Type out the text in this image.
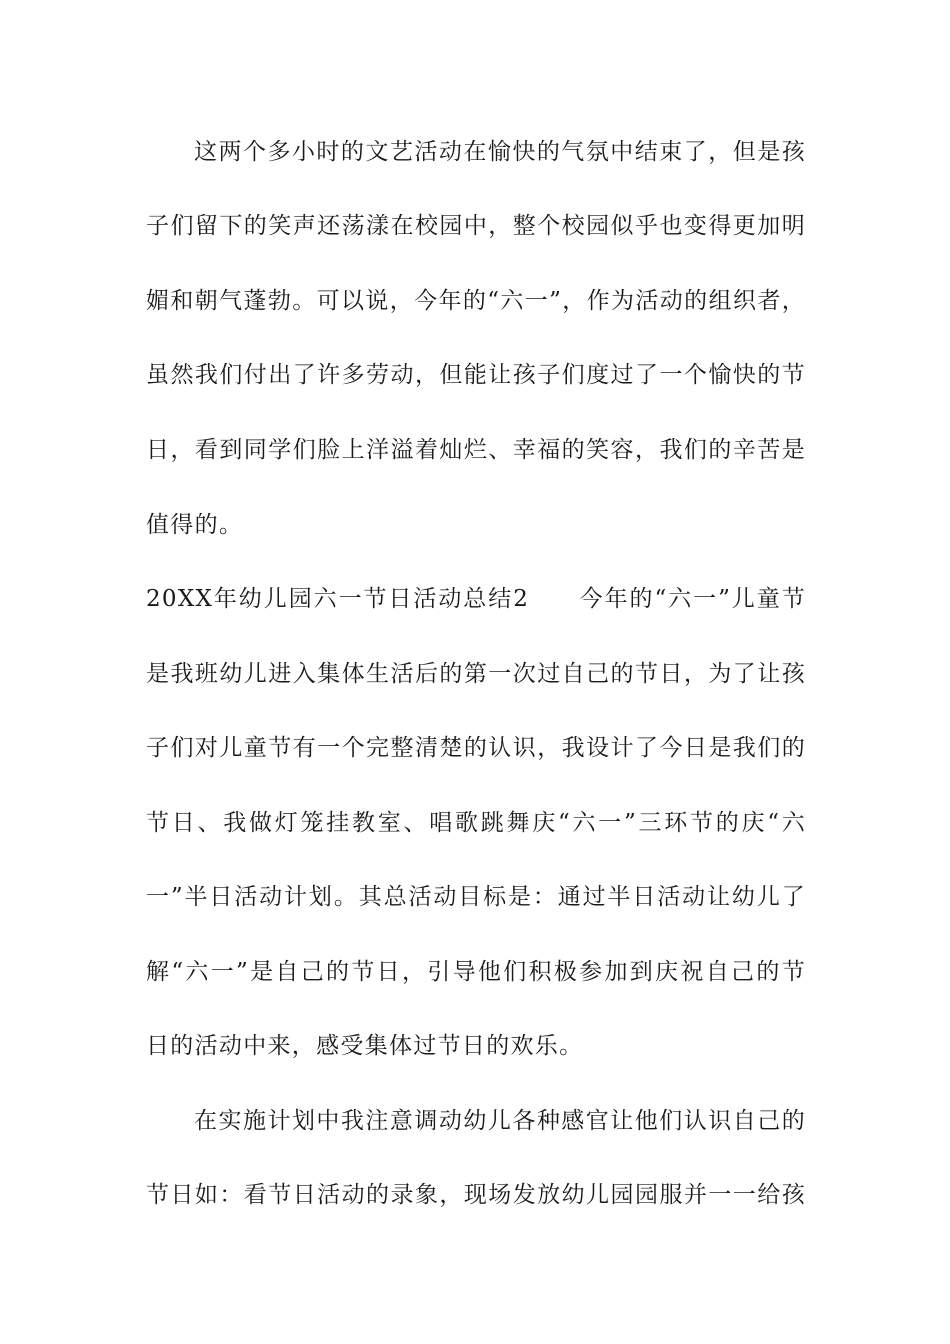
这两个多小时的文艺活动在愉快的气氛中结束了，但是孩
子们留下的笑声还荡漾在校园中，整个校园似乎也变得更加明
媚和朝气蓬勃。可以说，今年的“六一”，作为活动的组织者，
虽然我们付出了许多劳动，但能让孩子们度过了一个愉快的节
日，看到同学们脸上洋溢着灿烂、幸福的笑容，我们的辛苦是
值得的。
20XX年幼儿园六一节日活动总结2　　今年的“六一”儿童节
是我班幼儿进入集体生活后的第一次过自己的节日，为了让孩
子们对儿童节有一个完整清楚的认识，我设计了今日是我们的
节日、我做灯笼挂教室、唱歌跳舞庆“六一”三环节的庆“六
一”半日活动计划。其总活动目标是：通过半日活动让幼儿了
解“六一”是自己的节日，引导他们积极参加到庆祝自己的节
日的活动中来，感受集体过节日的欢乐。
在实施计划中我注意调动幼儿各种感官让他们认识自己的
节日如：看节日活动的录象，现场发放幼儿园园服并一一给孩
